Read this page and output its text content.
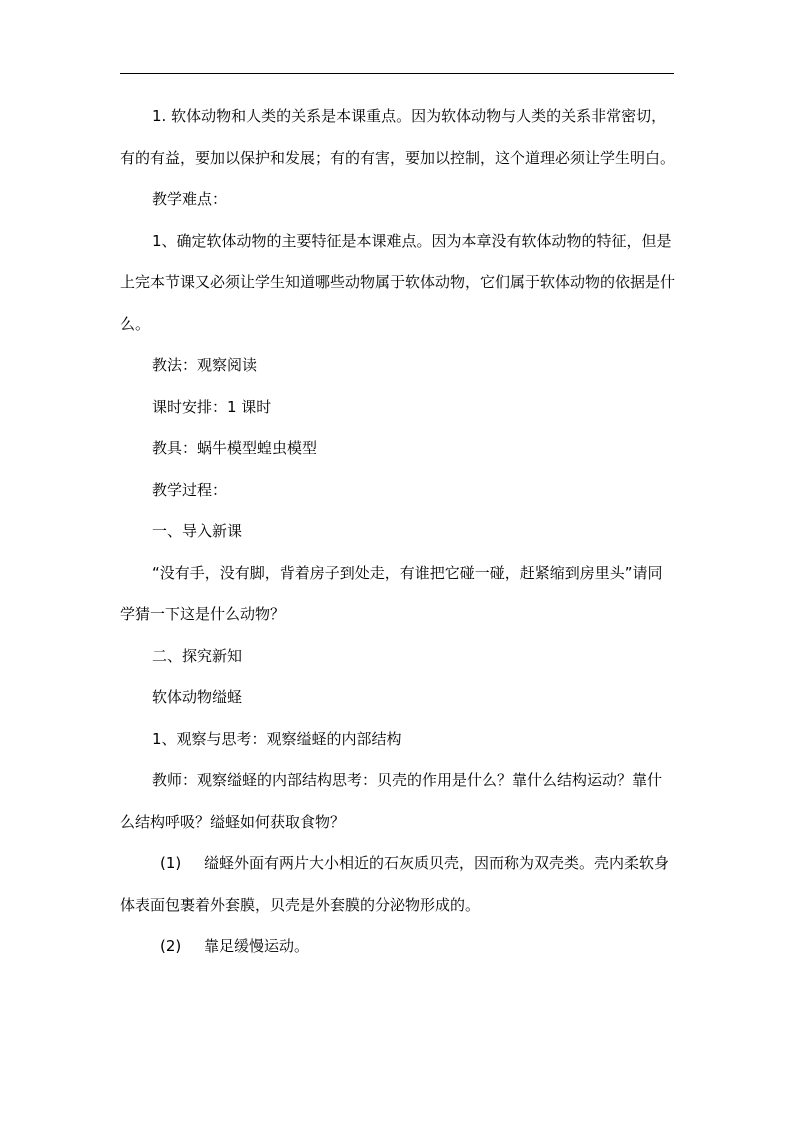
1. 软体动物和人类的关系是本课重点。因为软体动物与人类的关系非常密切，有的有益，要加以保护和发展；有的有害，要加以控制，这个道理必须让学生明白。

教学难点：

1、确定软体动物的主要特征是本课难点。因为本章没有软体动物的特征，但是上完本节课又必须让学生知道哪些动物属于软体动物，它们属于软体动物的依据是什么。

教法：观察阅读

课时安排：1 课时

教具：蜗牛模型蝗虫模型

教学过程：

一、导入新课

“没有手，没有脚，背着房子到处走，有谁把它碰一碰，赶紧缩到房里头”请同学猜一下这是什么动物？

二、探究新知

软体动物缢蛏

1、观察与思考：观察缢蛏的内部结构

教师：观察缢蛏的内部结构思考：贝壳的作用是什么？靠什么结构运动？靠什么结构呼吸？缢蛏如何获取食物？

(1) 缢蛏外面有两片大小相近的石灰质贝壳，因而称为双壳类。壳内柔软身体表面包裹着外套膜，贝壳是外套膜的分泌物形成的。

(2) 靠足缓慢运动。
